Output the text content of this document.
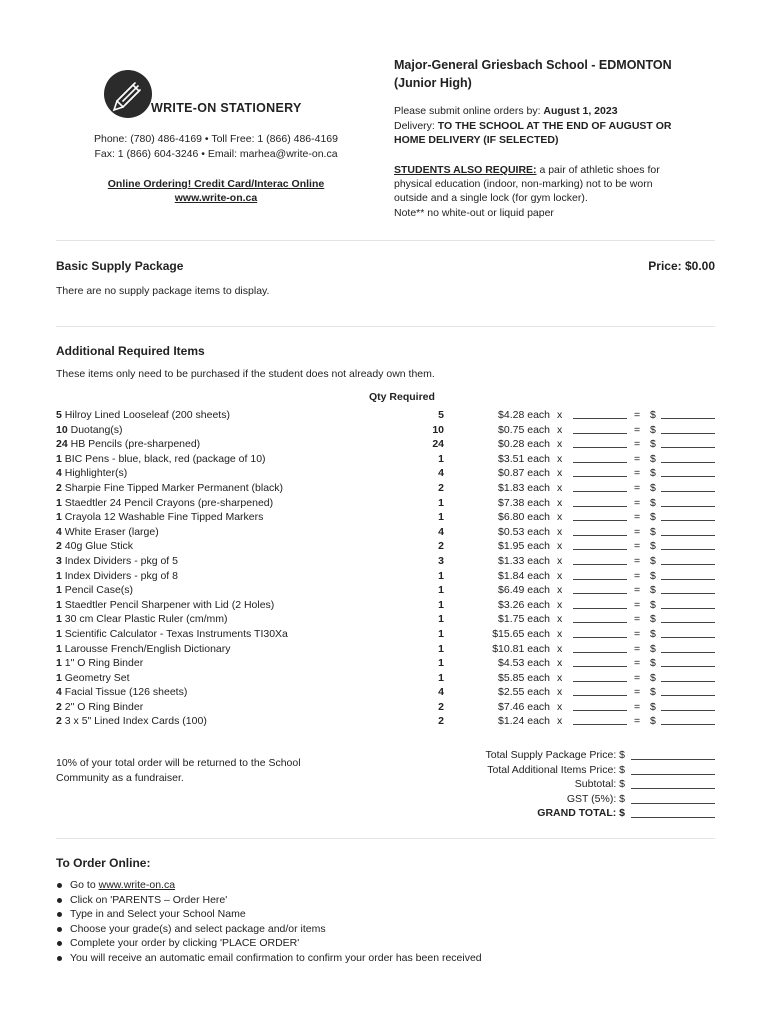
WRITE-ON STATIONERY
Phone: (780) 486-4169 • Toll Free: 1 (866) 486-4169
Fax: 1 (866) 604-3246 • Email: marhea@write-on.ca
Online Ordering! Credit Card/Interac Online
www.write-on.ca
Major-General Griesbach School - EDMONTON
(Junior High)
Please submit online orders by: August 1, 2023
Delivery: TO THE SCHOOL AT THE END OF AUGUST OR
HOME DELIVERY (IF SELECTED)
STUDENTS ALSO REQUIRE: a pair of athletic shoes for
physical education (indoor, non-marking) not to be worn
outside and a single lock (for gym locker).
Note** no white-out or liquid paper
Basic Supply Package	Price: $0.00
There are no supply package items to display.
Additional Required Items
These items only need to be purchased if the student does not already own them.
Qty Required
5 Hilroy Lined Looseleaf (200 sheets)	5	$4.28 each x	= $
10 Duotang(s)	10	$0.75 each x	= $
24 HB Pencils (pre-sharpened)	24	$0.28 each x	= $
1 BIC Pens - blue, black, red (package of 10)	1	$3.51 each x	= $
4 Highlighter(s)	4	$0.87 each x	= $
2 Sharpie Fine Tipped Marker Permanent (black)	2	$1.83 each x	= $
1 Staedtler 24 Pencil Crayons (pre-sharpened)	1	$7.38 each x	= $
1 Crayola 12 Washable Fine Tipped Markers	1	$6.80 each x	= $
4 White Eraser (large)	4	$0.53 each x	= $
2 40g Glue Stick	2	$1.95 each x	= $
3 Index Dividers - pkg of 5	3	$1.33 each x	= $
1 Index Dividers - pkg of 8	1	$1.84 each x	= $
1 Pencil Case(s)	1	$6.49 each x	= $
1 Staedtler Pencil Sharpener with Lid (2 Holes)	1	$3.26 each x	= $
1 30 cm Clear Plastic Ruler (cm/mm)	1	$1.75 each x	= $
1 Scientific Calculator - Texas Instruments TI30Xa	1	$15.65 each x	= $
1 Larousse French/English Dictionary	1	$10.81 each x	= $
1 1" O Ring Binder	1	$4.53 each x	= $
1 Geometry Set	1	$5.85 each x	= $
4 Facial Tissue (126 sheets)	4	$2.55 each x	= $
2 2" O Ring Binder	2	$7.46 each x	= $
2 3 x 5" Lined Index Cards (100)	2	$1.24 each x	= $
10% of your total order will be returned to the School
Community as a fundraiser.
Total Supply Package Price: $
Total Additional Items Price: $
Subtotal: $
GST (5%): $
GRAND TOTAL: $
To Order Online:
Go to www.write-on.ca
Click on 'PARENTS – Order Here'
Type in and Select your School Name
Choose your grade(s) and select package and/or items
Complete your order by clicking 'PLACE ORDER'
You will receive an automatic email confirmation to confirm your order has been received
